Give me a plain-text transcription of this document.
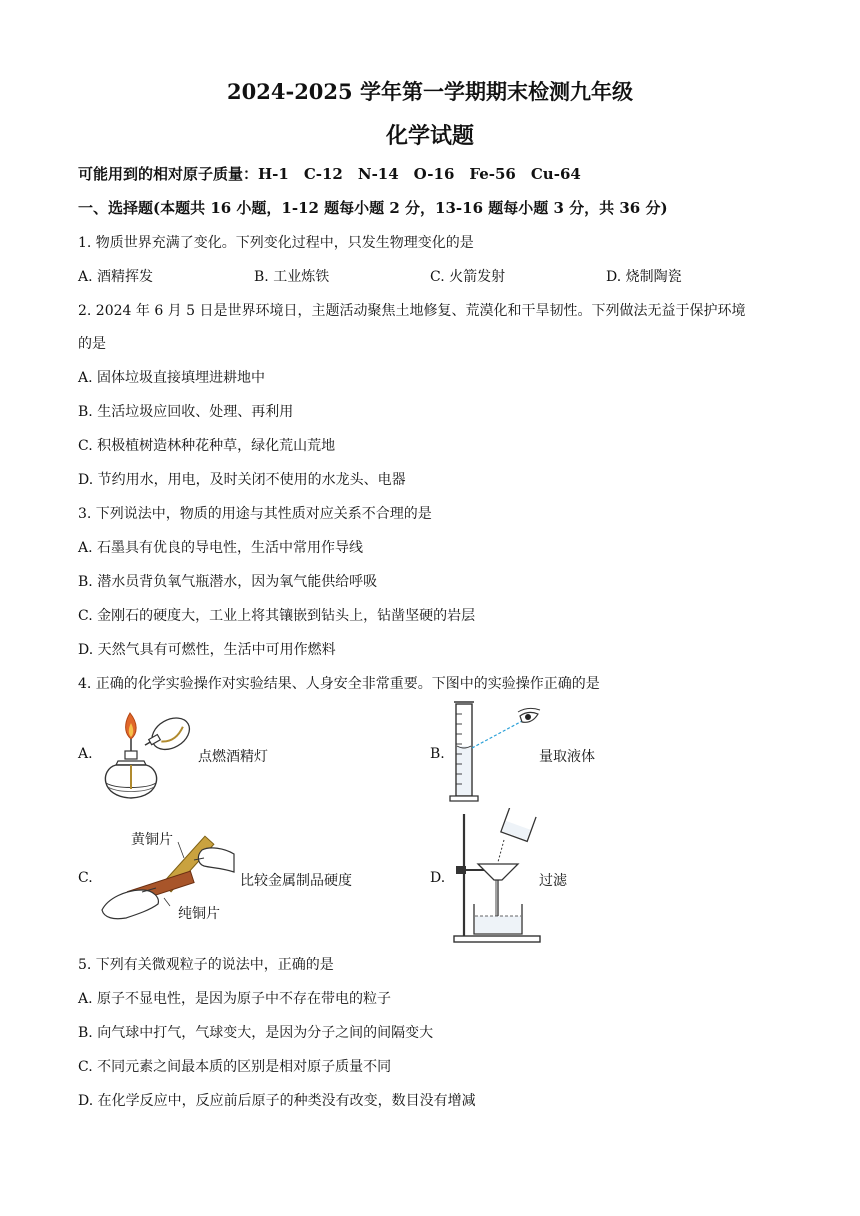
2024-2025 学年第一学期期末检测九年级
化学试题
可能用到的相对原子质量：H-1　C-12　N-14　O-16　Fe-56　Cu-64
一、选择题(本题共 16 小题，1-12 题每小题 2 分，13-16 题每小题 3 分，共 36 分)
1. 物质世界充满了变化。下列变化过程中，只发生物理变化的是
A. 酒精挥发	B. 工业炼铁	C. 火箭发射	D. 烧制陶瓷
2. 2024 年 6 月 5 日是世界环境日，主题活动聚焦土地修复、荒漠化和干旱韧性。下列做法无益于保护环境
的是
A. 固体垃圾直接填埋进耕地中
B. 生活垃圾应回收、处理、再利用
C. 积极植树造林种花种草，绿化荒山荒地
D. 节约用水，用电，及时关闭不使用的水龙头、电器
3. 下列说法中，物质的用途与其性质对应关系不合理的是
A. 石墨具有优良的导电性，生活中常用作导线
B. 潜水员背负氧气瓶潜水，因为氧气能供给呼吸
C. 金刚石的硬度大，工业上将其镶嵌到钻头上，钻凿坚硬的岩层
D. 天然气具有可燃性，生活中可用作燃料
4. 正确的化学实验操作对实验结果、人身安全非常重要。下图中的实验操作正确的是
A.	点燃酒精灯	B.	量取液体
C.
黄铜片
纯铜片
比较金属制品硬度	D.	过滤
5. 下列有关微观粒子的说法中，正确的是
A. 原子不显电性，是因为原子中不存在带电的粒子
B. 向气球中打气，气球变大，是因为分子之间的间隔变大
C. 不同元素之间最本质的区别是相对原子质量不同
D. 在化学反应中，反应前后原子的种类没有改变，数目没有增减
